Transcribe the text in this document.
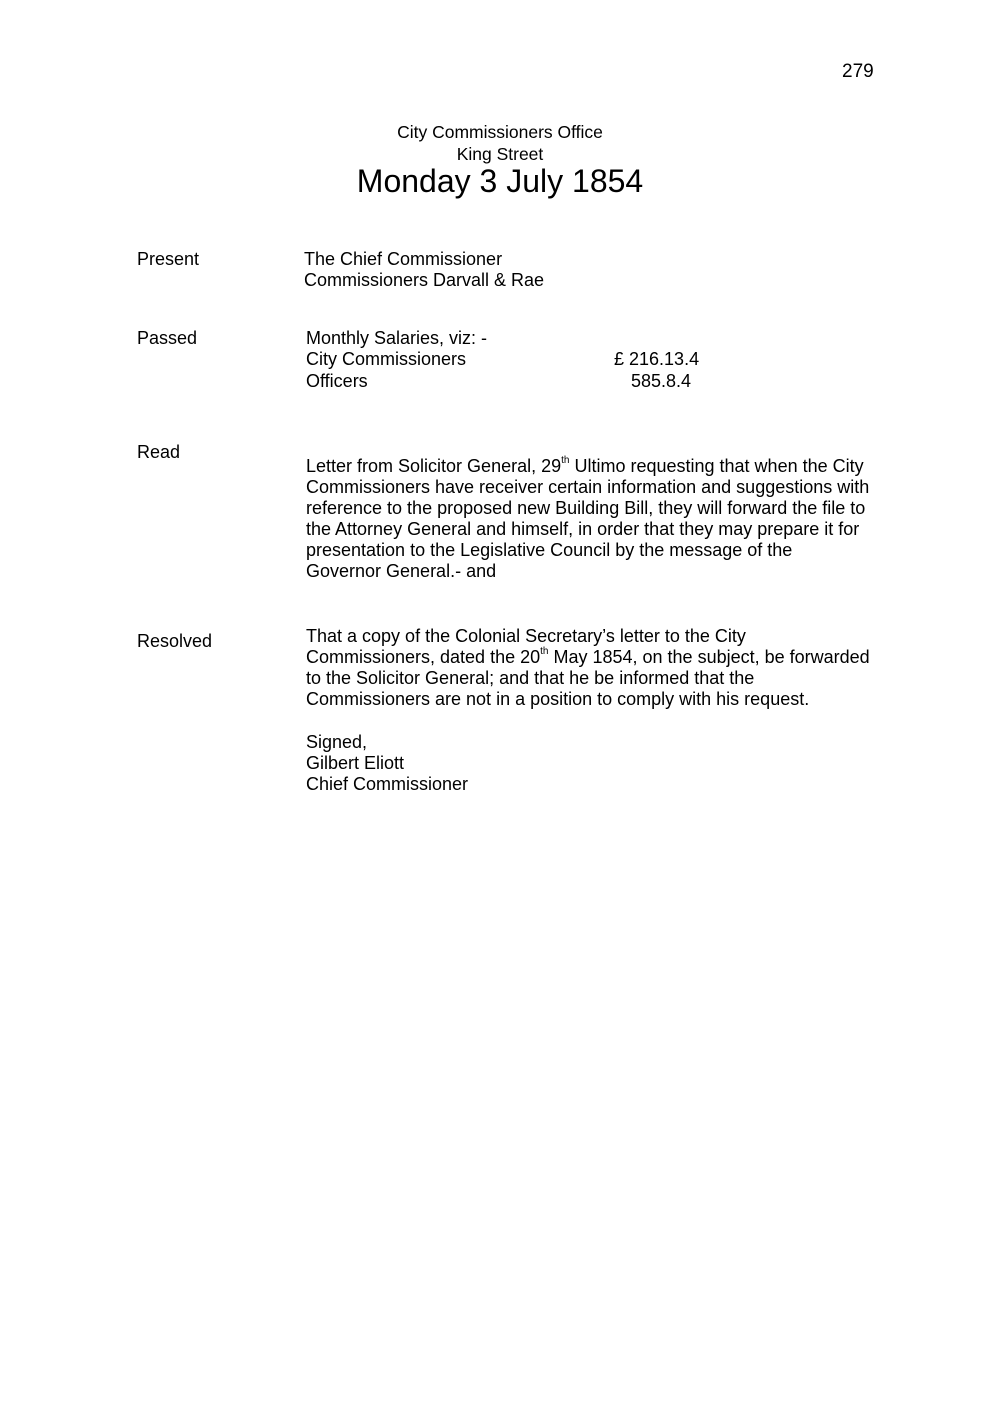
279
City Commissioners Office
King Street
Monday 3 July 1854
Present	The Chief Commissioner
Commissioners Darvall & Rae
Passed	Monthly Salaries, viz: -
City Commissioners	£ 216.13.4
Officers	585.8.4
Read
Letter from Solicitor General, 29th Ultimo requesting that when the City
Commissioners have receiver certain information and suggestions with
reference to the proposed new Building Bill, they will forward the file to
the Attorney General and himself, in order that they may prepare it for
presentation to the Legislative Council by the message of the
Governor General.- and
Resolved	That a copy of the Colonial Secretary’s letter to the City
Commissioners, dated the 20th May 1854, on the subject, be forwarded
to the Solicitor General; and that he be informed that the
Commissioners are not in a position to comply with his request.
Signed,
Gilbert Eliott
Chief Commissioner
